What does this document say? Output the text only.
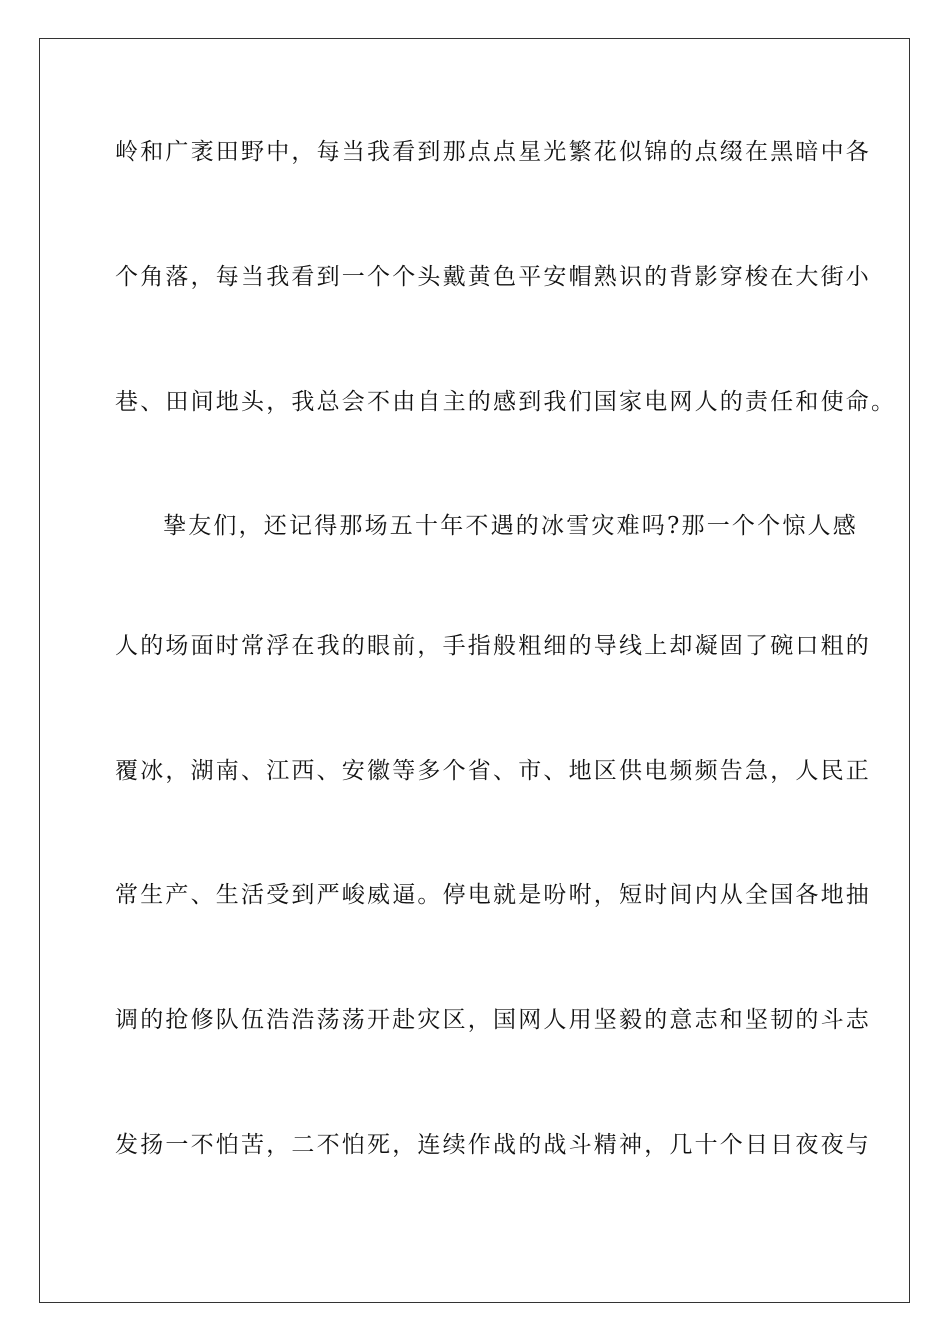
岭和广袤田野中，每当我看到那点点星光繁花似锦的点缀在黑暗中各
个角落，每当我看到一个个头戴黄色平安帽熟识的背影穿梭在大街小
巷、田间地头，我总会不由自主的感到我们国家电网人的责任和使命。
挚友们，还记得那场五十年不遇的冰雪灾难吗?那一个个惊人感
人的场面时常浮在我的眼前，手指般粗细的导线上却凝固了碗口粗的
覆冰，湖南、江西、安徽等多个省、市、地区供电频频告急，人民正
常生产、生活受到严峻威逼。停电就是吩咐，短时间内从全国各地抽
调的抢修队伍浩浩荡荡开赴灾区，国网人用坚毅的意志和坚韧的斗志
发扬一不怕苦，二不怕死，连续作战的战斗精神，几十个日日夜夜与
